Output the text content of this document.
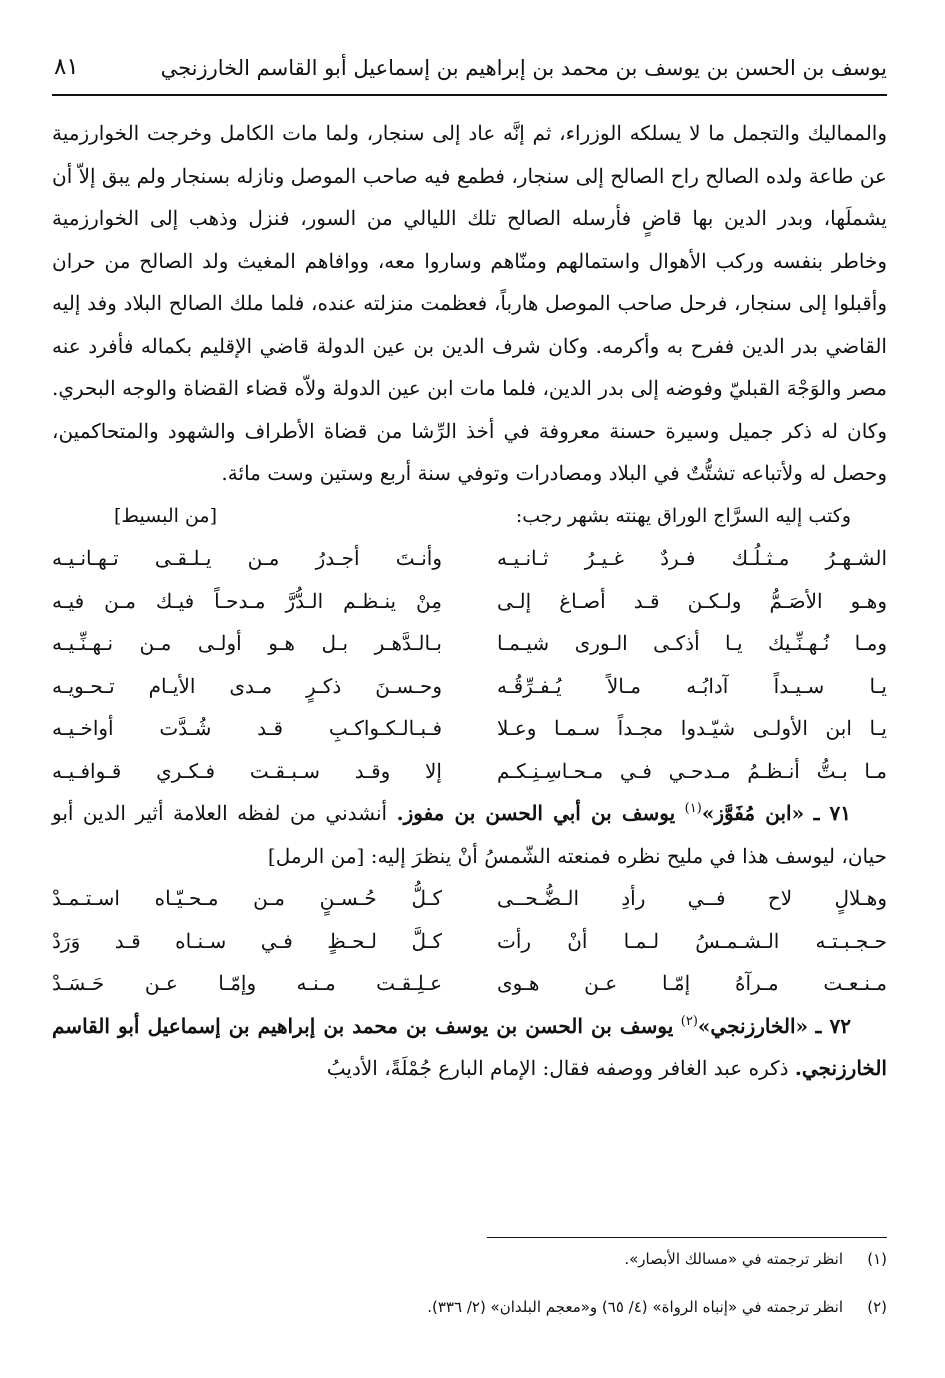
يوسف بن الحسن بن يوسف بن محمد بن إبراهيم بن إسماعيل أبو القاسم الخارزنجي
٨١

والمماليك والتجمل ما لا يسلكه الوزراء، ثم إنَّه عاد إلى سنجار، ولما مات الكامل وخرجت الخوارزمية عن طاعة ولده الصالح راح الصالح إلى سنجار، فطمع فيه صاحب الموصل ونازله بسنجار ولم يبق إلاّ أن يشملَها، وبدر الدين بها قاضٍ فأرسله الصالح تلك الليالي من السور، فنزل وذهب إلى الخوارزمية وخاطر بنفسه وركب الأهوال واستمالهم ومنّاهم وساروا معه، ووافاهم المغيث ولد الصالح من حران وأقبلوا إلى سنجار، فرحل صاحب الموصل هارباً، فعظمت منزلته عنده، فلما ملك الصالح البلاد وفد إليه القاضي بدر الدين ففرح به وأكرمه. وكان شرف الدين بن عين الدولة قاضي الإقليم بكماله فأفرد عنه مصر والوَجْهَ القبليّ وفوضه إلى بدر الدين، فلما مات ابن عين الدولة ولاّه قضاء القضاة والوجه البحري. وكان له ذكر جميل وسيرة حسنة معروفة في أخذ الرِّشا من قضاة الأطراف والشهود والمتحاكمين، وحصل له ولأتباعه تشتُّتٌ في البلاد ومصادرات وتوفي سنة أربع وستين وست مائة.

وكتب إليه السرَّاج الوراق يهنته بشهر رجب:
[من البسيط]

الشـهـرُ مـثـلُـك فـردٌ غـيـرُ ثـانـيـه
وأنـتَ أجـدرُ مـن يـلـقـى تـهـانـيـه
وهـو الأصَـمُّ ولـكـن قـد أصـاغ إلـى
مِنْ ينـظـم الـدُّرَّ مـدحـاً فيـك مـن فيـه
ومـا نُـهـنِّـيك يـا أذكـى الـورى شيـمـا
بـالـدَّهـر بـل هـو أولـى مـن نـهـنِّـيـه
يـا سـيـداً آدابُـه مـالاً يُـفـرِّقُـه
وحـسـنَ ذكـرٍ مـدى الأيـام تـحـويـه
يـا ابن الأولـى شيّـدوا مجـداً سـمـا وعـلا
فـبـالـكـواكـبِ قـد شُـدَّت أواخـيـه
مـا بـتُّ أنـظـمُ مـدحـي فـي مـحـاسِـنِـكـم
إلا وقـد سـبـقـت فـكـري قـوافـيـه

٧١ ـ «ابن مُفَوَّز»$^{(١)}$ يوسف بن أبي الحسن بن مفوز. أنشدني من لفظه العلامة أثير الدين أبو حيان، ليوسف هذا في مليح نظره فمنعته الشّمسُ أنْ ينظرَ إليه: [من الرمل]

وهـلالٍ لاح فــي رأدِ الـضُّـحــى
كـلُّ حُـسـنٍ مـن مـحـيّـاه اسـتـمـدْ
حـجـبـتـه الـشـمـسُ لـمـا أنْ رأت
كـلَّ لـحـظٍ فـي سـنـاه قـد وَرَدْ
مـنـعـت مـرآهُ إمّـا عـن هـوى
عـلِـقـت مـنـه وإمّـا عـن حَـسَـدْ

٧٢ ـ «الخارزنجي»$^{(٢)}$ يوسف بن الحسن بن يوسف بن محمد بن إبراهيم بن إسماعيل أبو القاسم الخارزنجي. ذكره عبد الغافر ووصفه فقال: الإمام البارع جُمْلَةً، الأديبُ

(١)
انظر ترجمته في «مسالك الأبصار».
(٢)
انظر ترجمته في «إنباه الرواة» (٤/ ٦٥) و«معجم البلدان» (٢/ ٣٣٦).
